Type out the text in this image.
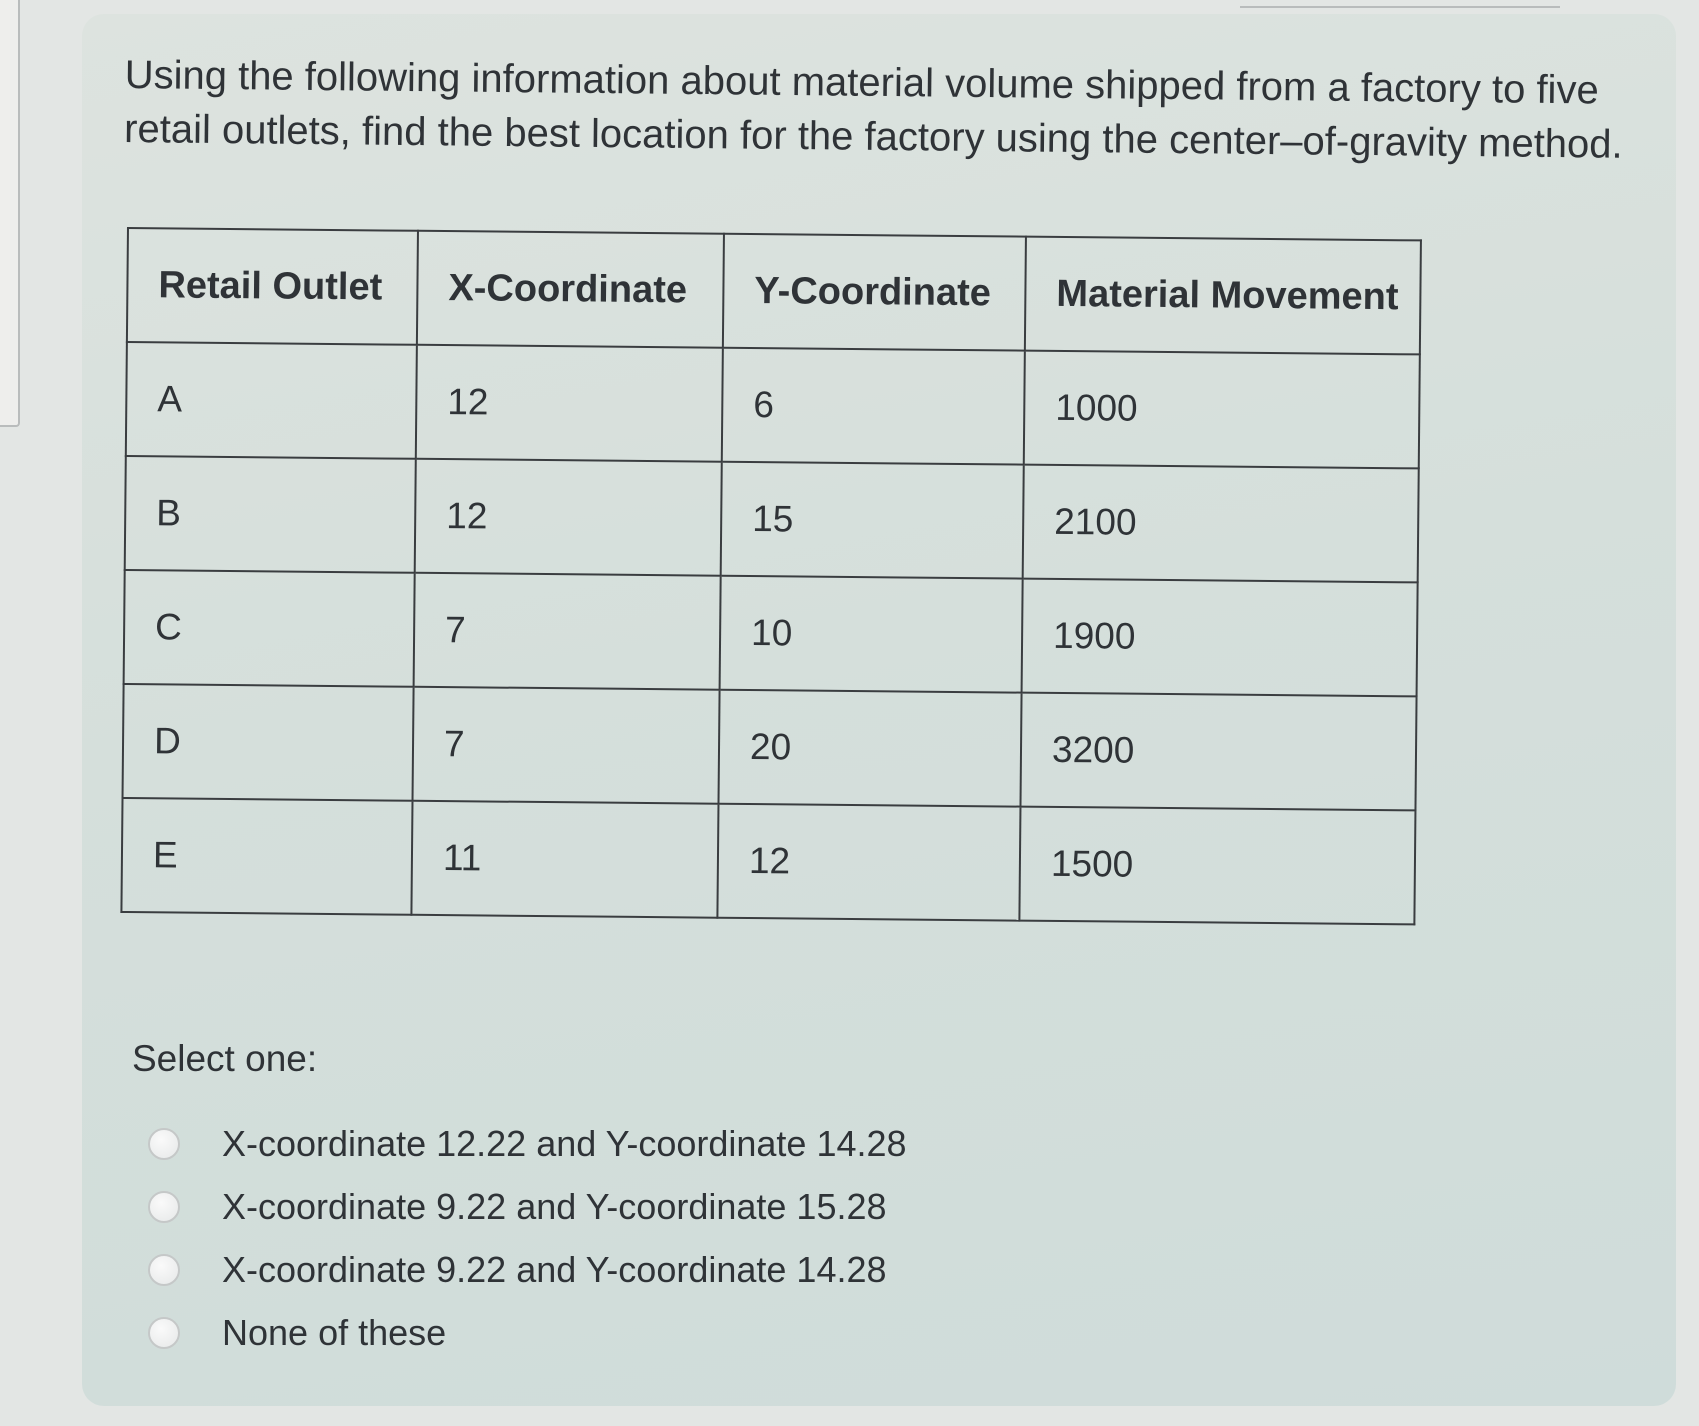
Using the following information about material volume shipped from a factory to five retail outlets, find the best location for the factory using the center–of-gravity method.

Retail Outlet	X-Coordinate	Y-Coordinate	Material Movement
A	12	6	1000
B	12	15	2100
C	7	10	1900
D	7	20	3200
E	11	12	1500

Select one:

X-coordinate 12.22 and Y-coordinate 14.28
X-coordinate 9.22 and Y-coordinate 15.28
X-coordinate 9.22 and Y-coordinate 14.28
None of these
